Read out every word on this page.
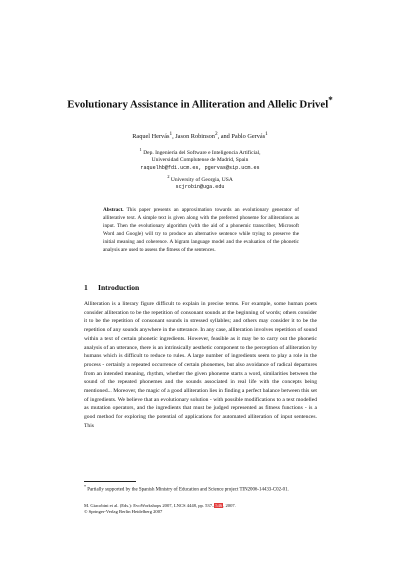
Evolutionary Assistance in Alliteration and Allelic Drivel*
Raquel Hervás$^1$, Jason Robinson$^2$, and Pablo Gervás$^1$
$^1$ Dep. Ingeniería del Software e Inteligencia Artificial,
Universidad Complutense de Madrid, Spain
raquelhb@fdi.ucm.es, pgervas@sip.ucm.es
$^2$ University of Georgia, USA
scjrobin@uga.edu

Abstract. This paper presents an approximation towards an evolutionary generator of alliterative text. A simple text is given along with the preferred phoneme for alliterations as input. Then the evolutionary algorithm (with the aid of a phonemic transcriber, Microsoft Word and Google) will try to produce an alternative sentence while trying to preserve the initial meaning and coherence. A bigram language model and the evaluation of the phonetic analysis are used to assess the fitness of the sentences.

1 Introduction

Alliteration is a literary figure difficult to explain in precise terms. For example, some human poets consider alliteration to be the repetition of consonant sounds at the beginning of words; others consider it to be the repetition of consonant sounds in stressed syllables; and others may consider it to be the repetition of any sounds anywhere in the utterance. In any case, alliteration involves repetition of sound within a text of certain phonetic ingredients. However, feasible as it may be to carry out the phonetic analysis of an utterance, there is an intrinsically aesthetic component to the perception of alliteration by humans which is difficult to reduce to rules. A large number of ingredients seem to play a role in the process - certainly a repeated occurrence of certain phonemes, but also avoidance of radical departures from an intended meaning, rhythm, whether the given phoneme starts a word, similarities between the sound of the repeated phonemes and the sounds associated in real life with the concepts being mentioned... Moreover, the magic of a good alliteration lies in finding a perfect balance between this set of ingredients. We believe that an evolutionary solution - with possible modifications to a text modelled as mutation operators, and the ingredients that must be judged represented as fitness functions - is a good method for exploring the potential of applications for automated alliteration of input sentences. This

* Partially supported by the Spanish Ministry of Education and Science project TIN2006-14433-C02-01.

M. Giacobini et al. (Eds.): EvoWorkshops 2007, LNCS 4448, pp. 537–546, 2007.
© Springer-Verlag Berlin Heidelberg 2007
